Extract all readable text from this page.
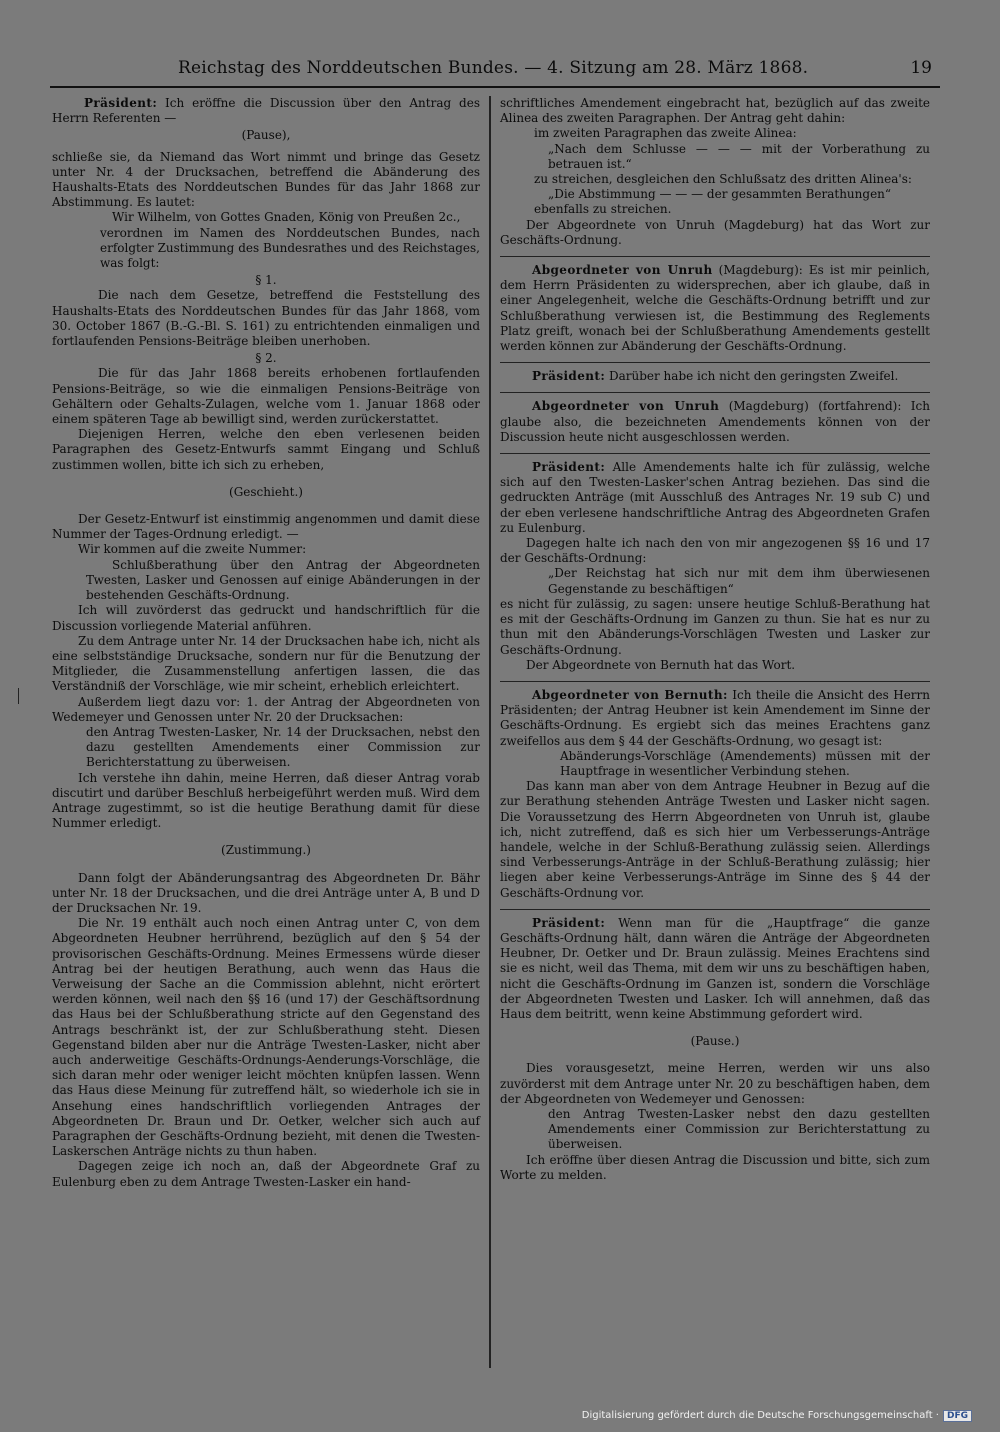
Reichstag des Norddeutschen Bundes. — 4. Sitzung am 28. März 1868.	19

Präsident: Ich eröffne die Discussion über den Antrag des Herrn Referenten —

(Pause),

schließe sie, da Niemand das Wort nimmt und bringe das Gesetz unter Nr. 4 der Drucksachen, betreffend die Abänderung des Haushalts-Etats des Norddeutschen Bundes für das Jahr 1868 zur Abstimmung. Es lautet:

Wir Wilhelm, von Gottes Gnaden, König von Preußen 2c.,

verordnen im Namen des Norddeutschen Bundes, nach erfolgter Zustimmung des Bundesrathes und des Reichstages, was folgt:

§ 1.

Die nach dem Gesetze, betreffend die Feststellung des Haushalts-Etats des Norddeutschen Bundes für das Jahr 1868, vom 30. October 1867 (B.-G.-Bl. S. 161) zu entrichtenden einmaligen und fortlaufenden Pensions-Beiträge bleiben unerhoben.

§ 2.

Die für das Jahr 1868 bereits erhobenen fortlaufenden Pensions-Beiträge, so wie die einmaligen Pensions-Beiträge von Gehältern oder Gehalts-Zulagen, welche vom 1. Januar 1868 oder einem späteren Tage ab bewilligt sind, werden zurückerstattet.

Diejenigen Herren, welche den eben verlesenen beiden Paragraphen des Gesetz-Entwurfs sammt Eingang und Schluß zustimmen wollen, bitte ich sich zu erheben,

(Geschieht.)

Der Gesetz-Entwurf ist einstimmig angenommen und damit diese Nummer der Tages-Ordnung erledigt. —

Wir kommen auf die zweite Nummer:

Schlußberathung über den Antrag der Abgeordneten Twesten, Lasker und Genossen auf einige Abänderungen in der bestehenden Geschäfts-Ordnung.

Ich will zuvörderst das gedruckt und handschriftlich für die Discussion vorliegende Material anführen.

Zu dem Antrage unter Nr. 14 der Drucksachen habe ich, nicht als eine selbstständige Drucksache, sondern nur für die Benutzung der Mitglieder, die Zusammenstellung anfertigen lassen, die das Verständniß der Vorschläge, wie mir scheint, erheblich erleichtert.

Außerdem liegt dazu vor: 1. der Antrag der Abgeordneten von Wedemeyer und Genossen unter Nr. 20 der Drucksachen:

den Antrag Twesten-Lasker, Nr. 14 der Drucksachen, nebst den dazu gestellten Amendements einer Commission zur Berichterstattung zu überweisen.

Ich verstehe ihn dahin, meine Herren, daß dieser Antrag vorab discutirt und darüber Beschluß herbeigeführt werden muß. Wird dem Antrage zugestimmt, so ist die heutige Berathung damit für diese Nummer erledigt.

(Zustimmung.)

Dann folgt der Abänderungsantrag des Abgeordneten Dr. Bähr unter Nr. 18 der Drucksachen, und die drei Anträge unter A, B und D der Drucksachen Nr. 19.

Die Nr. 19 enthält auch noch einen Antrag unter C, von dem Abgeordneten Heubner herrührend, bezüglich auf den § 54 der provisorischen Geschäfts-Ordnung. Meines Ermessens würde dieser Antrag bei der heutigen Berathung, auch wenn das Haus die Verweisung der Sache an die Commission ablehnt, nicht erörtert werden können, weil nach den §§ 16 (und 17) der Geschäftsordnung das Haus bei der Schlußberathung stricte auf den Gegenstand des Antrags beschränkt ist, der zur Schlußberathung steht. Diesen Gegenstand bilden aber nur die Anträge Twesten-Lasker, nicht aber auch anderweitige Geschäfts-Ordnungs-Aenderungs-Vorschläge, die sich daran mehr oder weniger leicht möchten knüpfen lassen. Wenn das Haus diese Meinung für zutreffend hält, so wiederhole ich sie in Ansehung eines handschriftlich vorliegenden Antrages der Abgeordneten Dr. Braun und Dr. Oetker, welcher sich auch auf Paragraphen der Geschäfts-Ordnung bezieht, mit denen die Twesten-Laskerschen Anträge nichts zu thun haben.

Dagegen zeige ich noch an, daß der Abgeordnete Graf zu Eulenburg eben zu dem Antrage Twesten-Lasker ein hand-

schriftliches Amendement eingebracht hat, bezüglich auf das zweite Alinea des zweiten Paragraphen. Der Antrag geht dahin:

im zweiten Paragraphen das zweite Alinea:

„Nach dem Schlusse — — — mit der Vorberathung zu betrauen ist.“

zu streichen, desgleichen den Schlußsatz des dritten Alinea's:

„Die Abstimmung — — — der gesammten Berathungen“

ebenfalls zu streichen.

Der Abgeordnete von Unruh (Magdeburg) hat das Wort zur Geschäfts-Ordnung.

Abgeordneter von Unruh (Magdeburg): Es ist mir peinlich, dem Herrn Präsidenten zu widersprechen, aber ich glaube, daß in einer Angelegenheit, welche die Geschäfts-Ordnung betrifft und zur Schlußberathung verwiesen ist, die Bestimmung des Reglements Platz greift, wonach bei der Schlußberathung Amendements gestellt werden können zur Abänderung der Geschäfts-Ordnung.

Präsident: Darüber habe ich nicht den geringsten Zweifel.

Abgeordneter von Unruh (Magdeburg) (fortfahrend): Ich glaube also, die bezeichneten Amendements können von der Discussion heute nicht ausgeschlossen werden.

Präsident: Alle Amendements halte ich für zulässig, welche sich auf den Twesten-Lasker'schen Antrag beziehen. Das sind die gedruckten Anträge (mit Ausschluß des Antrages Nr. 19 sub C) und der eben verlesene handschriftliche Antrag des Abgeordneten Grafen zu Eulenburg.

Dagegen halte ich nach den von mir angezogenen §§ 16 und 17 der Geschäfts-Ordnung:

„Der Reichstag hat sich nur mit dem ihm überwiesenen Gegenstande zu beschäftigen“

es nicht für zulässig, zu sagen: unsere heutige Schluß-Berathung hat es mit der Geschäfts-Ordnung im Ganzen zu thun. Sie hat es nur zu thun mit den Abänderungs-Vorschlägen Twesten und Lasker zur Geschäfts-Ordnung.

Der Abgeordnete von Bernuth hat das Wort.

Abgeordneter von Bernuth: Ich theile die Ansicht des Herrn Präsidenten; der Antrag Heubner ist kein Amendement im Sinne der Geschäfts-Ordnung. Es ergiebt sich das meines Erachtens ganz zweifellos aus dem § 44 der Geschäfts-Ordnung, wo gesagt ist:

Abänderungs-Vorschläge (Amendements) müssen mit der Hauptfrage in wesentlicher Verbindung stehen.

Das kann man aber von dem Antrage Heubner in Bezug auf die zur Berathung stehenden Anträge Twesten und Lasker nicht sagen. Die Voraussetzung des Herrn Abgeordneten von Unruh ist, glaube ich, nicht zutreffend, daß es sich hier um Verbesserungs-Anträge handele, welche in der Schluß-Berathung zulässig seien. Allerdings sind Verbesserungs-Anträge in der Schluß-Berathung zulässig; hier liegen aber keine Verbesserungs-Anträge im Sinne des § 44 der Geschäfts-Ordnung vor.

Präsident: Wenn man für die „Hauptfrage“ die ganze Geschäfts-Ordnung hält, dann wären die Anträge der Abgeordneten Heubner, Dr. Oetker und Dr. Braun zulässig. Meines Erachtens sind sie es nicht, weil das Thema, mit dem wir uns zu beschäftigen haben, nicht die Geschäfts-Ordnung im Ganzen ist, sondern die Vorschläge der Abgeordneten Twesten und Lasker. Ich will annehmen, daß das Haus dem beitritt, wenn keine Abstimmung gefordert wird.

(Pause.)

Dies vorausgesetzt, meine Herren, werden wir uns also zuvörderst mit dem Antrage unter Nr. 20 zu beschäftigen haben, dem der Abgeordneten von Wedemeyer und Genossen:

den Antrag Twesten-Lasker nebst den dazu gestellten Amendements einer Commission zur Berichterstattung zu überweisen.

Ich eröffne über diesen Antrag die Discussion und bitte, sich zum Worte zu melden.

Digitalisierung gefördert durch die Deutsche Forschungsgemeinschaft · DFG
